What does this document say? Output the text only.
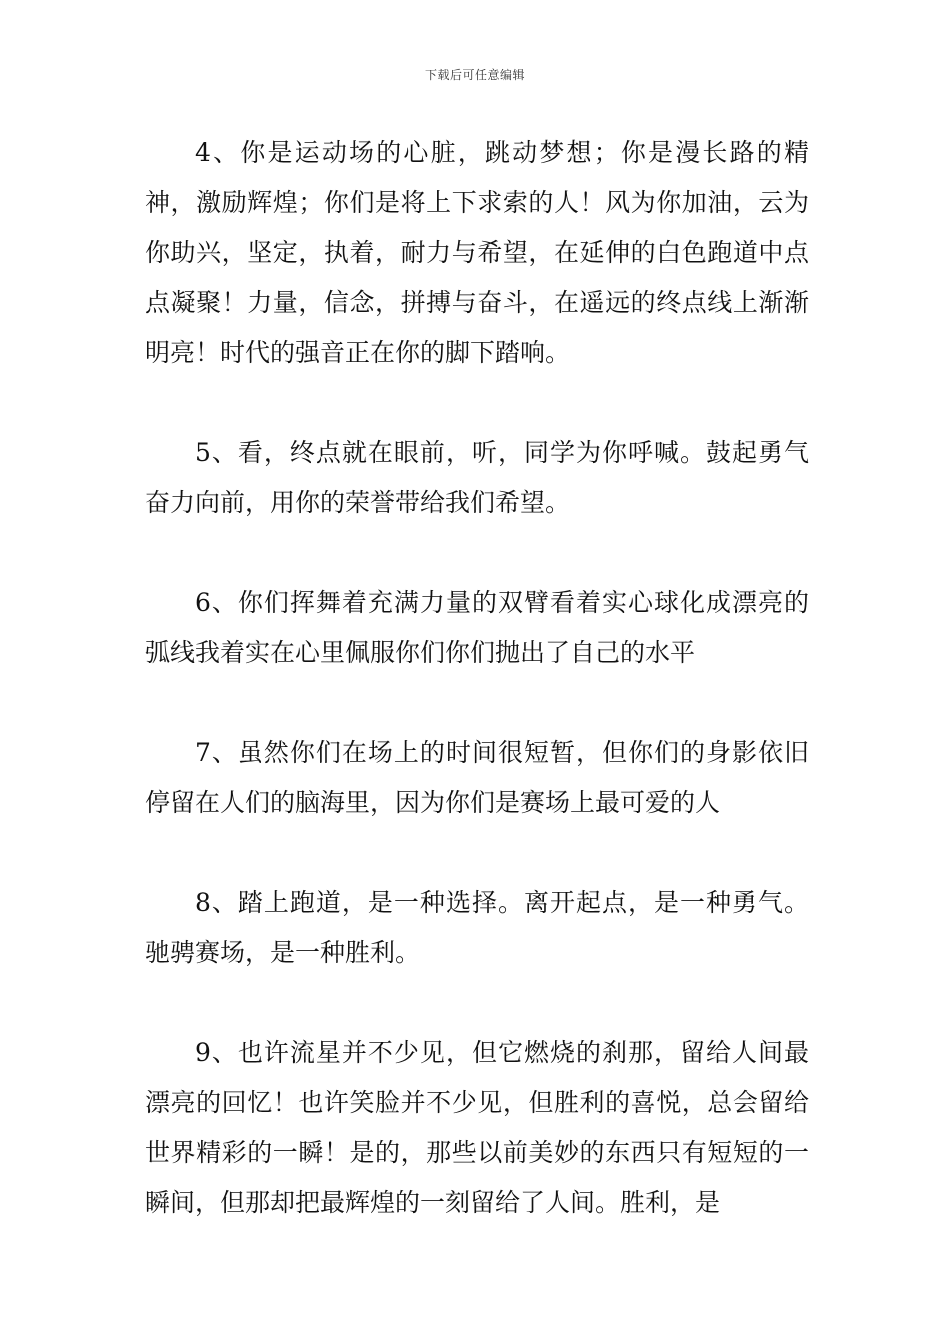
下载后可任意编辑

4、你是运动场的心脏，跳动梦想；你是漫长路的精神，激励辉煌；你们是将上下求索的人！风为你加油，云为你助兴，坚定，执着，耐力与希望，在延伸的白色跑道中点点凝聚！力量，信念，拼搏与奋斗，在遥远的终点线上渐渐明亮！时代的强音正在你的脚下踏响。

5、看，终点就在眼前，听，同学为你呼喊。鼓起勇气奋力向前，用你的荣誉带给我们希望。

6、你们挥舞着充满力量的双臂看着实心球化成漂亮的弧线我着实在心里佩服你们你们抛出了自己的水平

7、虽然你们在场上的时间很短暂，但你们的身影依旧停留在人们的脑海里，因为你们是赛场上最可爱的人

8、踏上跑道，是一种选择。离开起点，是一种勇气。驰骋赛场，是一种胜利。

9、也许流星并不少见，但它燃烧的刹那，留给人间最漂亮的回忆！也许笑脸并不少见，但胜利的喜悦，总会留给世界精彩的一瞬！是的，那些以前美妙的东西只有短短的一瞬间，但那却把最辉煌的一刻留给了人间。胜利，是
